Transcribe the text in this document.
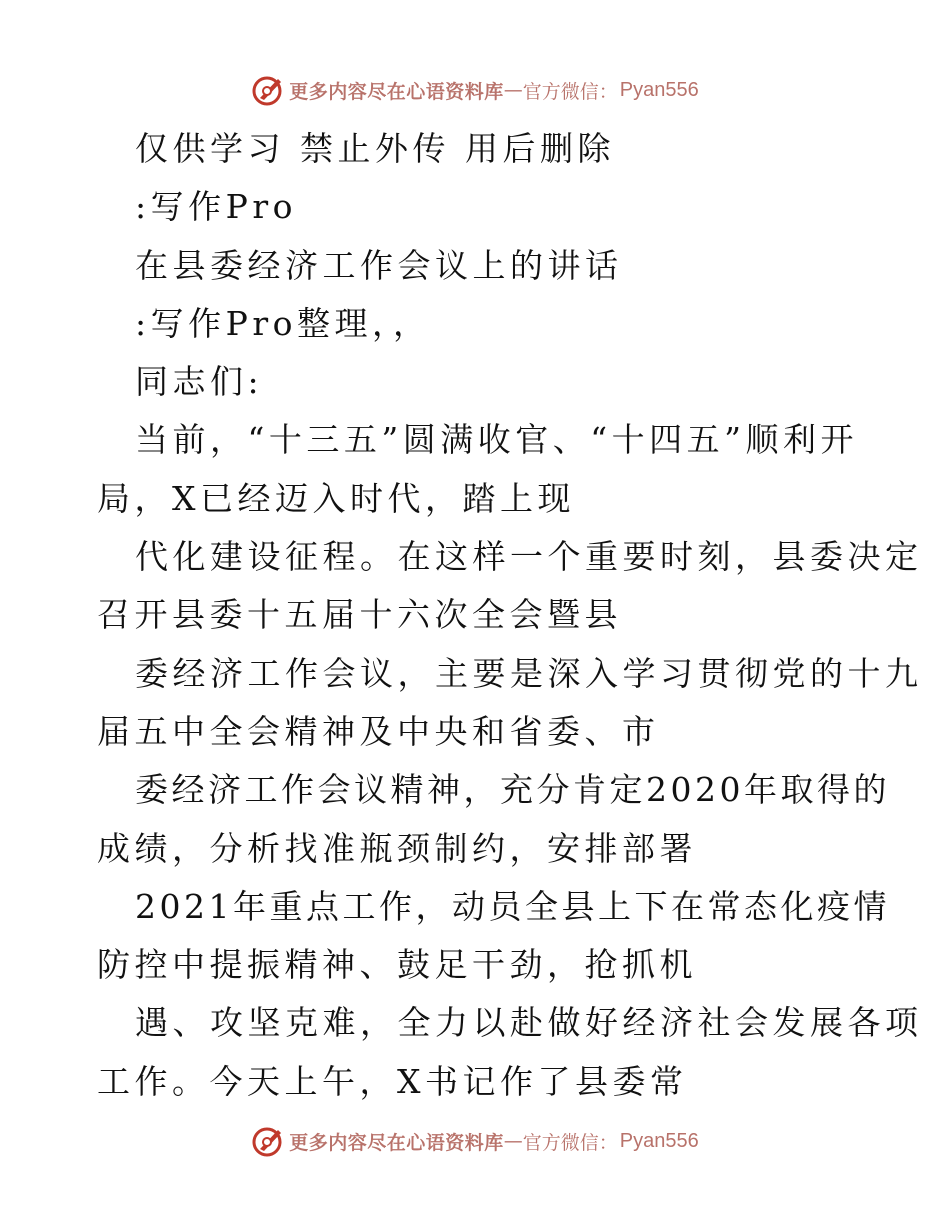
更多内容尽在心语资料库 — 官方微信： Pyan556
仅供学习 禁止外传 用后删除
:写作Pro
在县委经济工作会议上的讲话
:写作Pro整理，，
同志们:
当前，“十三五”圆满收官、“十四五”顺利开
局，X已经迈入时代，踏上现
代化建设征程。在这样一个重要时刻，县委决定
召开县委十五届十六次全会暨县
委经济工作会议，主要是深入学习贯彻党的十九
届五中全会精神及中央和省委、市
委经济工作会议精神，充分肯定2020年取得的
成绩，分析找准瓶颈制约，安排部署
2021年重点工作，动员全县上下在常态化疫情
防控中提振精神、鼓足干劲，抢抓机
遇、攻坚克难，全力以赴做好经济社会发展各项
工作。今天上午，X书记作了县委常
更多内容尽在心语资料库 — 官方微信： Pyan556
